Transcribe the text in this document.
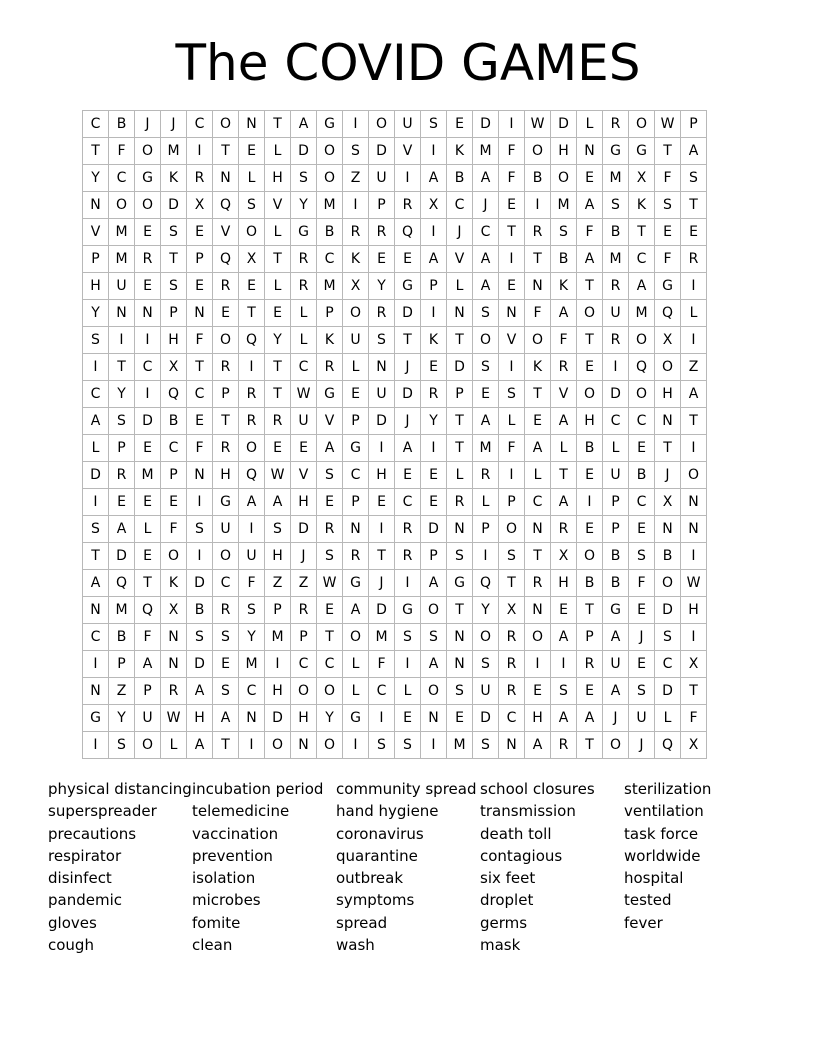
The COVID GAMES
C	B	J	J	C	O	N	T	A	G	I	O	U	S	E	D	I	W	D	L	R	O	W	P
T	F	O	M	I	T	E	L	D	O	S	D	V	I	K	M	F	O	H	N	G	G	T	A
Y	C	G	K	R	N	L	H	S	O	Z	U	I	A	B	A	F	B	O	E	M	X	F	S
N	O	O	D	X	Q	S	V	Y	M	I	P	R	X	C	J	E	I	M	A	S	K	S	T
V	M	E	S	E	V	O	L	G	B	R	R	Q	I	J	C	T	R	S	F	B	T	E	E
P	M	R	T	P	Q	X	T	R	C	K	E	E	A	V	A	I	T	B	A	M	C	F	R
H	U	E	S	E	R	E	L	R	M	X	Y	G	P	L	A	E	N	K	T	R	A	G	I
Y	N	N	P	N	E	T	E	L	P	O	R	D	I	N	S	N	F	A	O	U	M	Q	L
S	I	I	H	F	O	Q	Y	L	K	U	S	T	K	T	O	V	O	F	T	R	O	X	I
I	T	C	X	T	R	I	T	C	R	L	N	J	E	D	S	I	K	R	E	I	Q	O	Z
C	Y	I	Q	C	P	R	T	W	G	E	U	D	R	P	E	S	T	V	O	D	O	H	A
A	S	D	B	E	T	R	R	U	V	P	D	J	Y	T	A	L	E	A	H	C	C	N	T
L	P	E	C	F	R	O	E	E	A	G	I	A	I	T	M	F	A	L	B	L	E	T	I
D	R	M	P	N	H	Q	W	V	S	C	H	E	E	L	R	I	L	T	E	U	B	J	O
I	E	E	E	I	G	A	A	H	E	P	E	C	E	R	L	P	C	A	I	P	C	X	N
S	A	L	F	S	U	I	S	D	R	N	I	R	D	N	P	O	N	R	E	P	E	N	N
T	D	E	O	I	O	U	H	J	S	R	T	R	P	S	I	S	T	X	O	B	S	B	I
A	Q	T	K	D	C	F	Z	Z	W	G	J	I	A	G	Q	T	R	H	B	B	F	O	W
N	M	Q	X	B	R	S	P	R	E	A	D	G	O	T	Y	X	N	E	T	G	E	D	H
C	B	F	N	S	S	Y	M	P	T	O	M	S	S	N	O	R	O	A	P	A	J	S	I
I	P	A	N	D	E	M	I	C	C	L	F	I	A	N	S	R	I	I	R	U	E	C	X
N	Z	P	R	A	S	C	H	O	O	L	C	L	O	S	U	R	E	S	E	A	S	D	T
G	Y	U	W	H	A	N	D	H	Y	G	I	E	N	E	D	C	H	A	A	J	U	L	F
I	S	O	L	A	T	I	O	N	O	I	S	S	I	M	S	N	A	R	T	O	J	Q	X
physical distancing
superspreader
precautions
respirator
disinfect
pandemic
gloves
cough
incubation period
telemedicine
vaccination
prevention
isolation
microbes
fomite
clean
community spread
hand hygiene
coronavirus
quarantine
outbreak
symptoms
spread
wash
school closures
transmission
death toll
contagious
six feet
droplet
germs
mask
sterilization
ventilation
task force
worldwide
hospital
tested
fever
